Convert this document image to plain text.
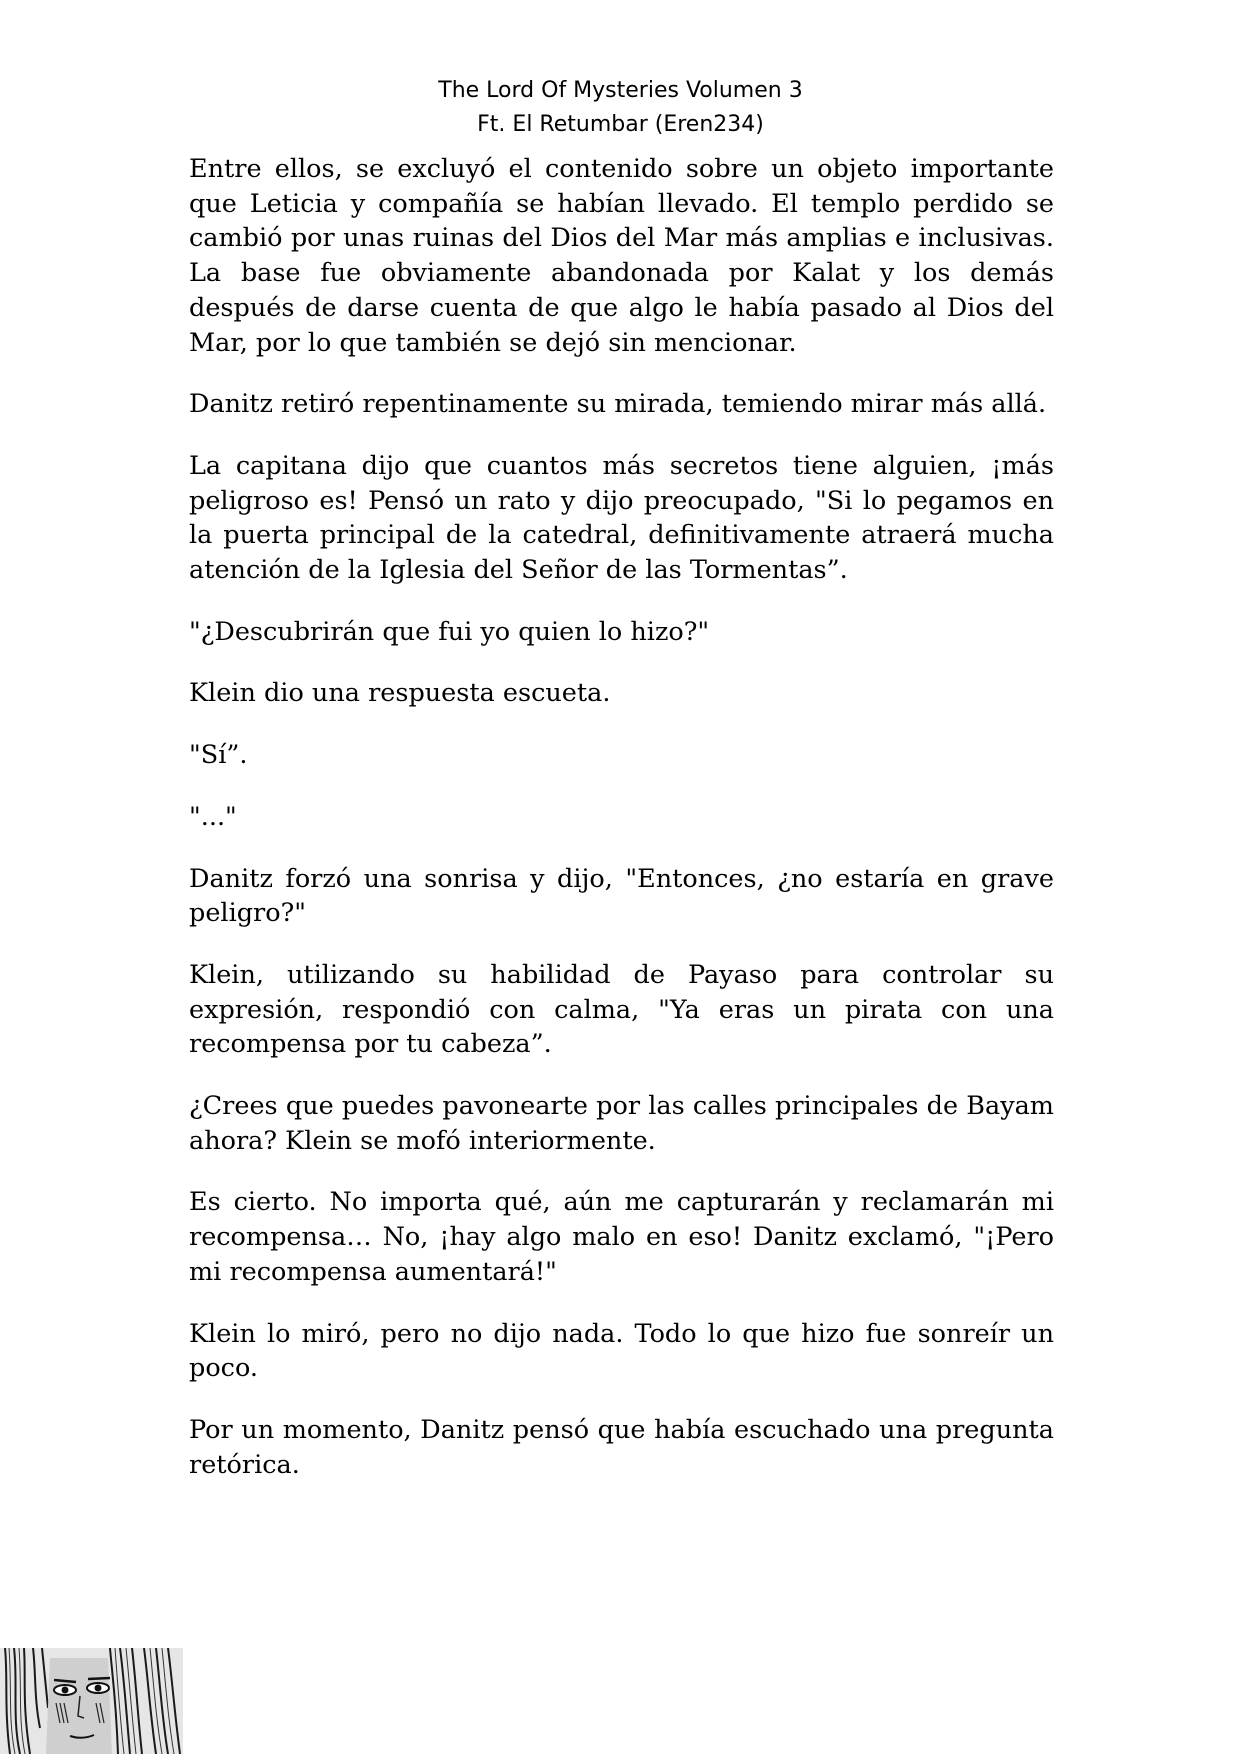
The Lord Of Mysteries Volumen 3
Ft. El Retumbar (Eren234)

Entre ellos, se excluyó el contenido sobre un objeto importante que Leticia y compañía se habían llevado. El templo perdido se cambió por unas ruinas del Dios del Mar más amplias e inclusivas. La base fue obviamente abandonada por Kalat y los demás después de darse cuenta de que algo le había pasado al Dios del Mar, por lo que también se dejó sin mencionar.

Danitz retiró repentinamente su mirada, temiendo mirar más allá.

La capitana dijo que cuantos más secretos tiene alguien, ¡más peligroso es! Pensó un rato y dijo preocupado, "Si lo pegamos en la puerta principal de la catedral, definitivamente atraerá mucha atención de la Iglesia del Señor de las Tormentas”.

"¿Descubrirán que fui yo quien lo hizo?"

Klein dio una respuesta escueta.

"Sí”.

"..."

Danitz forzó una sonrisa y dijo, "Entonces, ¿no estaría en grave peligro?"

Klein, utilizando su habilidad de Payaso para controlar su expresión, respondió con calma, "Ya eras un pirata con una recompensa por tu cabeza”.

¿Crees que puedes pavonearte por las calles principales de Bayam ahora? Klein se mofó interiormente.

Es cierto. No importa qué, aún me capturarán y reclamarán mi recompensa… No, ¡hay algo malo en eso! Danitz exclamó, "¡Pero mi recompensa aumentará!"

Klein lo miró, pero no dijo nada. Todo lo que hizo fue sonreír un poco.

Por un momento, Danitz pensó que había escuchado una pregunta retórica.
